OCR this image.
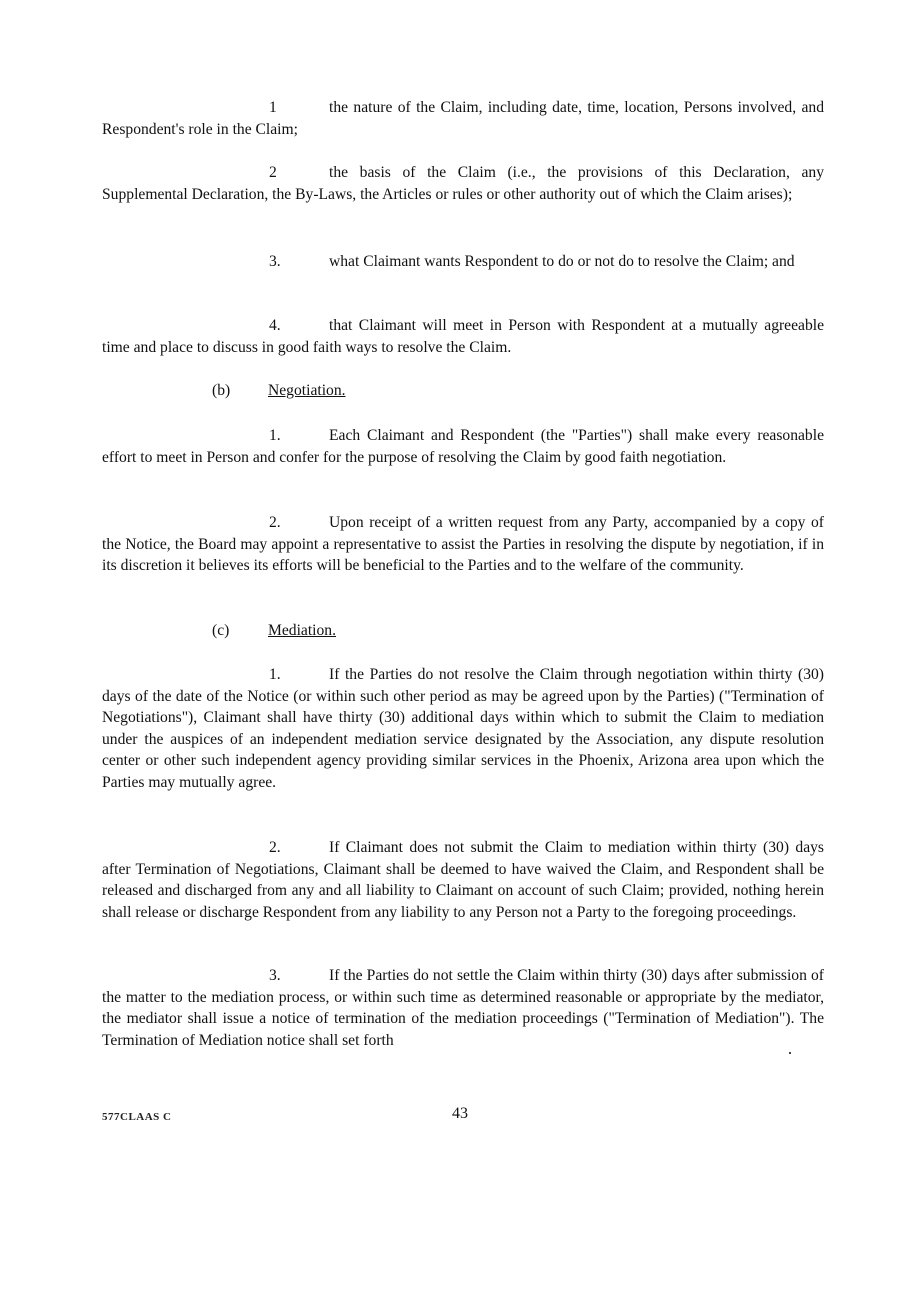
1	the nature of the Claim, including date, time, location, Persons involved, and Respondent's role in the Claim;

2	the basis of the Claim (i.e., the provisions of this Declaration, any Supplemental Declaration, the By-Laws, the Articles or rules or other authority out of which the Claim arises);

3.	what Claimant wants Respondent to do or not do to resolve the Claim; and

4.	that Claimant will meet in Person with Respondent at a mutually agreeable time and place to discuss in good faith ways to resolve the Claim.

(b) Negotiation.

1.	Each Claimant and Respondent (the "Parties") shall make every reasonable effort to meet in Person and confer for the purpose of resolving the Claim by good faith negotiation.

2.	Upon receipt of a written request from any Party, accompanied by a copy of the Notice, the Board may appoint a representative to assist the Parties in resolving the dispute by negotiation, if in its discretion it believes its efforts will be beneficial to the Parties and to the welfare of the community.

(c) Mediation.

1.	If the Parties do not resolve the Claim through negotiation within thirty (30) days of the date of the Notice (or within such other period as may be agreed upon by the Parties) ("Termination of Negotiations"), Claimant shall have thirty (30) additional days within which to submit the Claim to mediation under the auspices of an independent mediation service designated by the Association, any dispute resolution center or other such independent agency providing similar services in the Phoenix, Arizona area upon which the Parties may mutually agree.

2.	If Claimant does not submit the Claim to mediation within thirty (30) days after Termination of Negotiations, Claimant shall be deemed to have waived the Claim, and Respondent shall be released and discharged from any and all liability to Claimant on account of such Claim; provided, nothing herein shall release or discharge Respondent from any liability to any Person not a Party to the foregoing proceedings.

3.	If the Parties do not settle the Claim within thirty (30) days after submission of the matter to the mediation process, or within such time as determined reasonable or appropriate by the mediator, the mediator shall issue a notice of termination of the mediation proceedings ("Termination of Mediation"). The Termination of Mediation notice shall set forth

577CLAAS C	43
